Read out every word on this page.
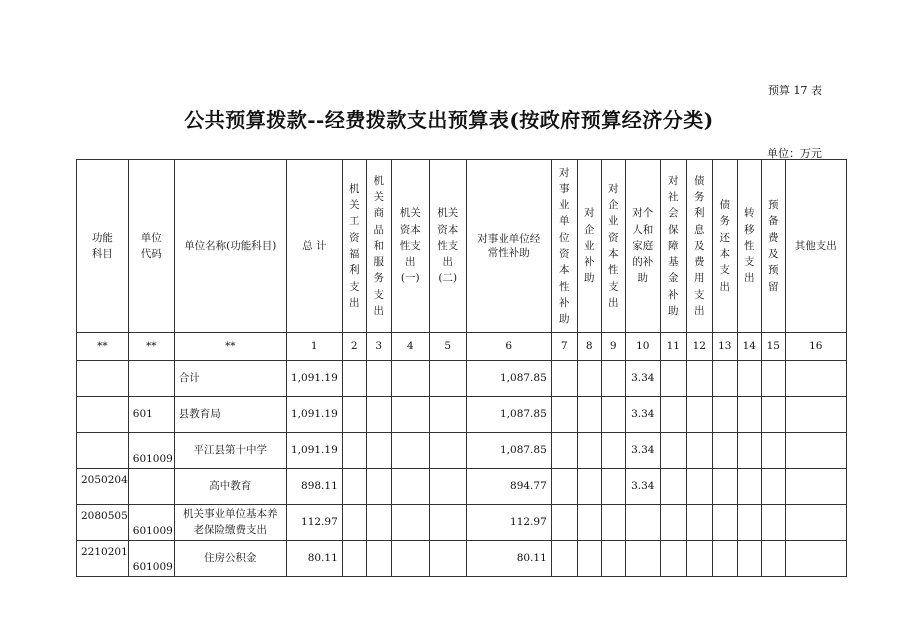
预算 17 表
公共预算拨款--经费拨款支出预算表(按政府预算经济分类)
单位：万元
功能科目	单位代码	单位名称(功能科目)	总 计	机关工资福利支出	机关商品和服务支出	机关资本性支出(一)	机关资本性支出(二)	对事业单位经常性补助	对事业单位资本性补助	对企业补助	对企业资本性支出	对个人和家庭的补助	对社会保障基金补助	债务利息及费用支出	债务还本支出	转移性支出	预备费及预留	其他支出
**	**	**	1	2	3	4	5	6	7	8	9	10	11	12	13	14	15	16
		合计	1,091.19					1,087.85				3.34						
	601	县教育局	1,091.19					1,087.85				3.34						
	601009	平江县第十中学	1,091.19					1,087.85				3.34						
2050204		高中教育	898.11					894.77				3.34						
2080505	601009	机关事业单位基本养老保险缴费支出	112.97					112.97										
2210201	601009	住房公积金	80.11					80.11										
